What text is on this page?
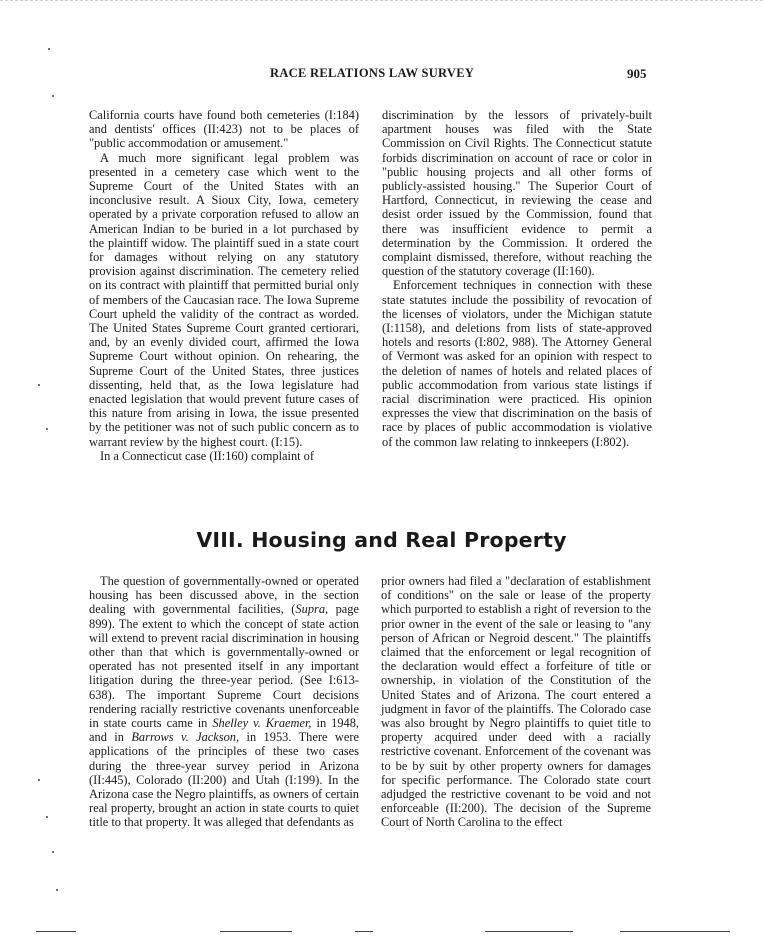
RACE RELATIONS LAW SURVEY	905

California courts have found both cemeteries (I:184) and dentists' offices (II:423) not to be places of "public accommodation or amusement."

A much more significant legal problem was presented in a cemetery case which went to the Supreme Court of the United States with an inconclusive result. A Sioux City, Iowa, cemetery operated by a private corporation refused to allow an American Indian to be buried in a lot purchased by the plaintiff widow. The plaintiff sued in a state court for damages without relying on any statutory provision against discrimination. The cemetery relied on its contract with plaintiff that permitted burial only of members of the Caucasian race. The Iowa Supreme Court upheld the validity of the contract as worded. The United States Supreme Court granted certiorari, and, by an evenly divided court, affirmed the Iowa Supreme Court without opinion. On rehearing, the Supreme Court of the United States, three justices dissenting, held that, as the Iowa legislature had enacted legislation that would prevent future cases of this nature from arising in Iowa, the issue presented by the petitioner was not of such public concern as to warrant review by the highest court. (I:15).

In a Connecticut case (II:160) complaint of

discrimination by the lessors of privately-built apartment houses was filed with the State Commission on Civil Rights. The Connecticut statute forbids discrimination on account of race or color in "public housing projects and all other forms of publicly-assisted housing." The Superior Court of Hartford, Connecticut, in reviewing the cease and desist order issued by the Commission, found that there was insufficient evidence to permit a determination by the Commission. It ordered the complaint dismissed, therefore, without reaching the question of the statutory coverage (II:160).

Enforcement techniques in connection with these state statutes include the possibility of revocation of the licenses of violators, under the Michigan statute (I:1158), and deletions from lists of state-approved hotels and resorts (I:802, 988). The Attorney General of Vermont was asked for an opinion with respect to the deletion of names of hotels and related places of public accommodation from various state listings if racial discrimination were practiced. His opinion expresses the view that discrimination on the basis of race by places of public accommodation is violative of the common law relating to innkeepers (I:802).

VIII. Housing and Real Property

The question of governmentally-owned or operated housing has been discussed above, in the section dealing with governmental facilities, (Supra, page 899). The extent to which the concept of state action will extend to prevent racial discrimination in housing other than that which is governmentally-owned or operated has not presented itself in any important litigation during the three-year period. (See I:613-638). The important Supreme Court decisions rendering racially restrictive covenants unenforceable in state courts came in Shelley v. Kraemer, in 1948, and in Barrows v. Jackson, in 1953. There were applications of the principles of these two cases during the three-year survey period in Arizona (II:445), Colorado (II:200) and Utah (I:199). In the Arizona case the Negro plaintiffs, as owners of certain real property, brought an action in state courts to quiet title to that property. It was alleged that defendants as

prior owners had filed a "declaration of establishment of conditions" on the sale or lease of the property which purported to establish a right of reversion to the prior owner in the event of the sale or leasing to "any person of African or Negroid descent." The plaintiffs claimed that the enforcement or legal recognition of the declaration would effect a forfeiture of title or ownership, in violation of the Constitution of the United States and of Arizona. The court entered a judgment in favor of the plaintiffs. The Colorado case was also brought by Negro plaintiffs to quiet title to property acquired under deed with a racially restrictive covenant. Enforcement of the covenant was to be by suit by other property owners for damages for specific performance. The Colorado state court adjudged the restrictive covenant to be void and not enforceable (II:200). The decision of the Supreme Court of North Carolina to the effect
